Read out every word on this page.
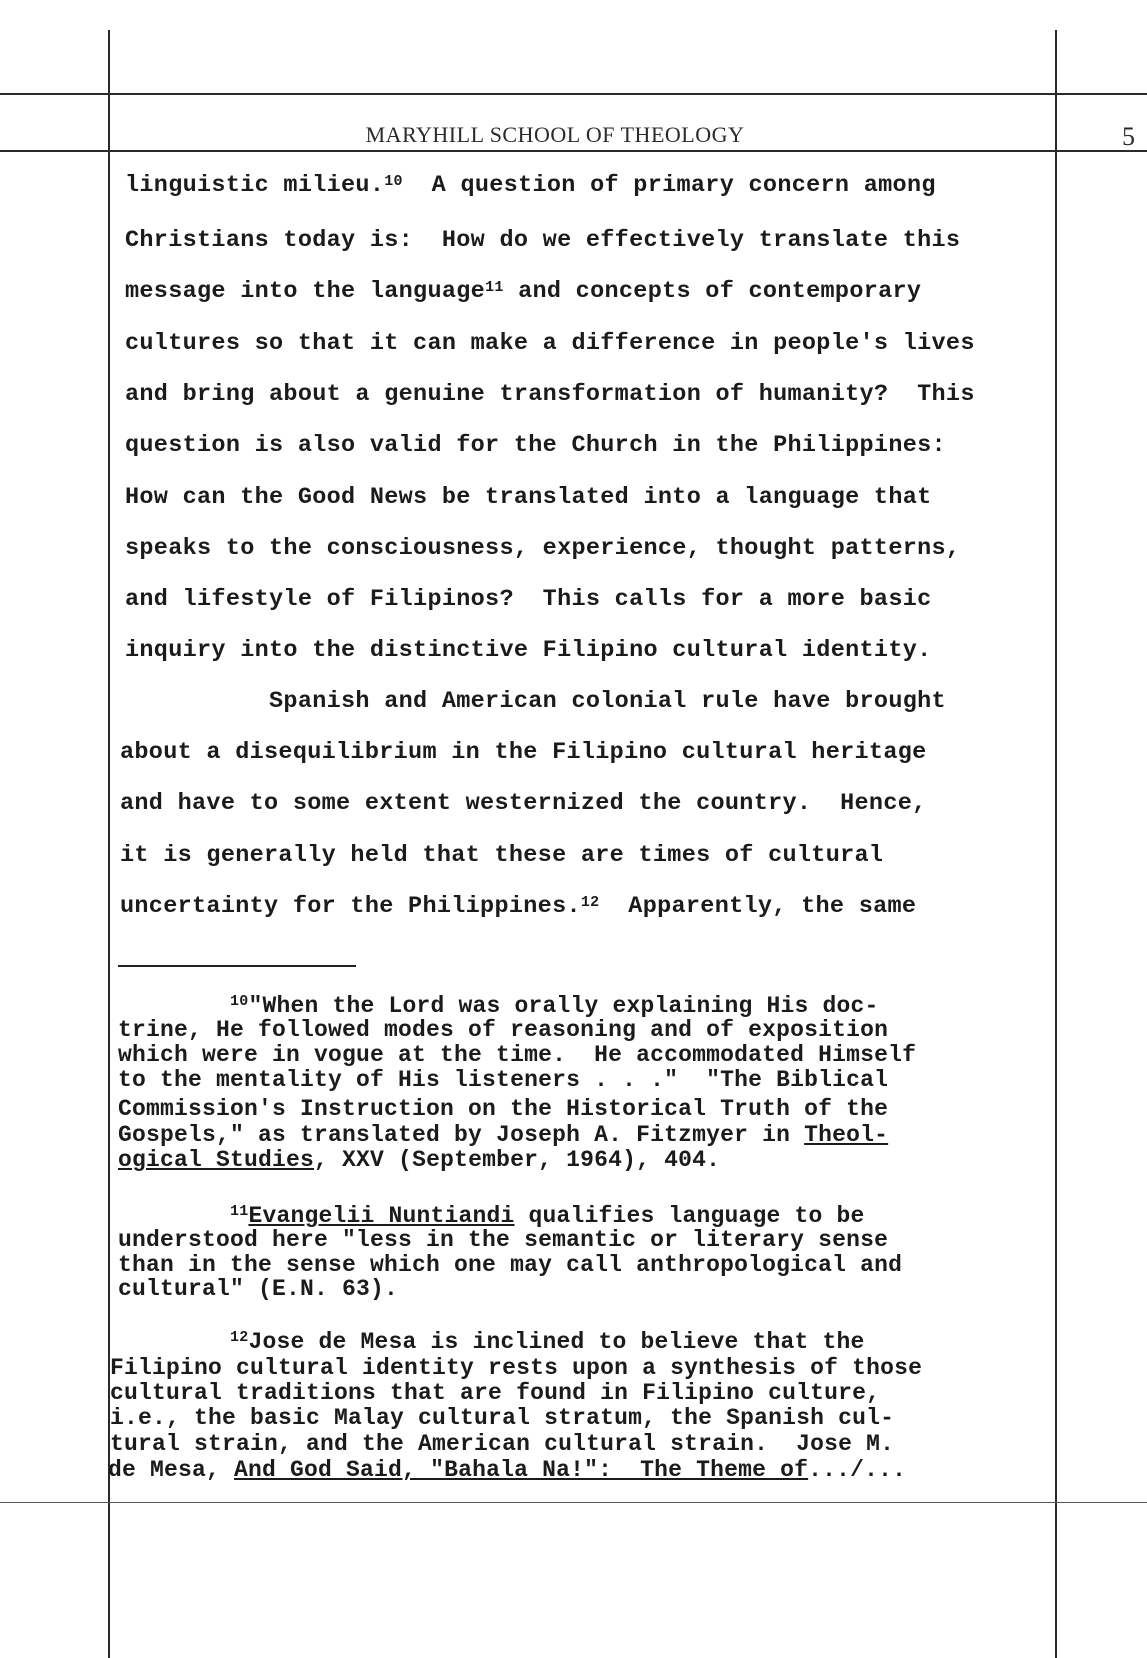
MARYHILL SCHOOL OF THEOLOGY	5
linguistic milieu.$^{10}$  A question of primary concern among
Christians today is:  How do we effectively translate this
message into the language$^{11}$ and concepts of contemporary
cultures so that it can make a difference in people's lives
and bring about a genuine transformation of humanity?  This
question is also valid for the Church in the Philippines:
How can the Good News be translated into a language that
speaks to the consciousness, experience, thought patterns,
and lifestyle of Filipinos?  This calls for a more basic
inquiry into the distinctive Filipino cultural identity.
Spanish and American colonial rule have brought
about a disequilibrium in the Filipino cultural heritage
and have to some extent westernized the country.  Hence,
it is generally held that these are times of cultural
uncertainty for the Philippines.$^{12}$  Apparently, the same
$^{10}$"When the Lord was orally explaining His doc-
trine, He followed modes of reasoning and of exposition
which were in vogue at the time.  He accommodated Himself
to the mentality of His listeners . . ."  "The Biblical
Commission's Instruction on the Historical Truth of the
Gospels," as translated by Joseph A. Fitzmyer in Theol-
ogical Studies, XXV (September, 1964), 404.
$^{11}$Evangelii Nuntiandi qualifies language to be
understood here "less in the semantic or literary sense
than in the sense which one may call anthropological and
cultural" (E.N. 63).
$^{12}$Jose de Mesa is inclined to believe that the
Filipino cultural identity rests upon a synthesis of those
cultural traditions that are found in Filipino culture,
i.e., the basic Malay cultural stratum, the Spanish cul-
tural strain, and the American cultural strain.  Jose M.
de Mesa, And God Said, "Bahala Na!":  The Theme of.../...
